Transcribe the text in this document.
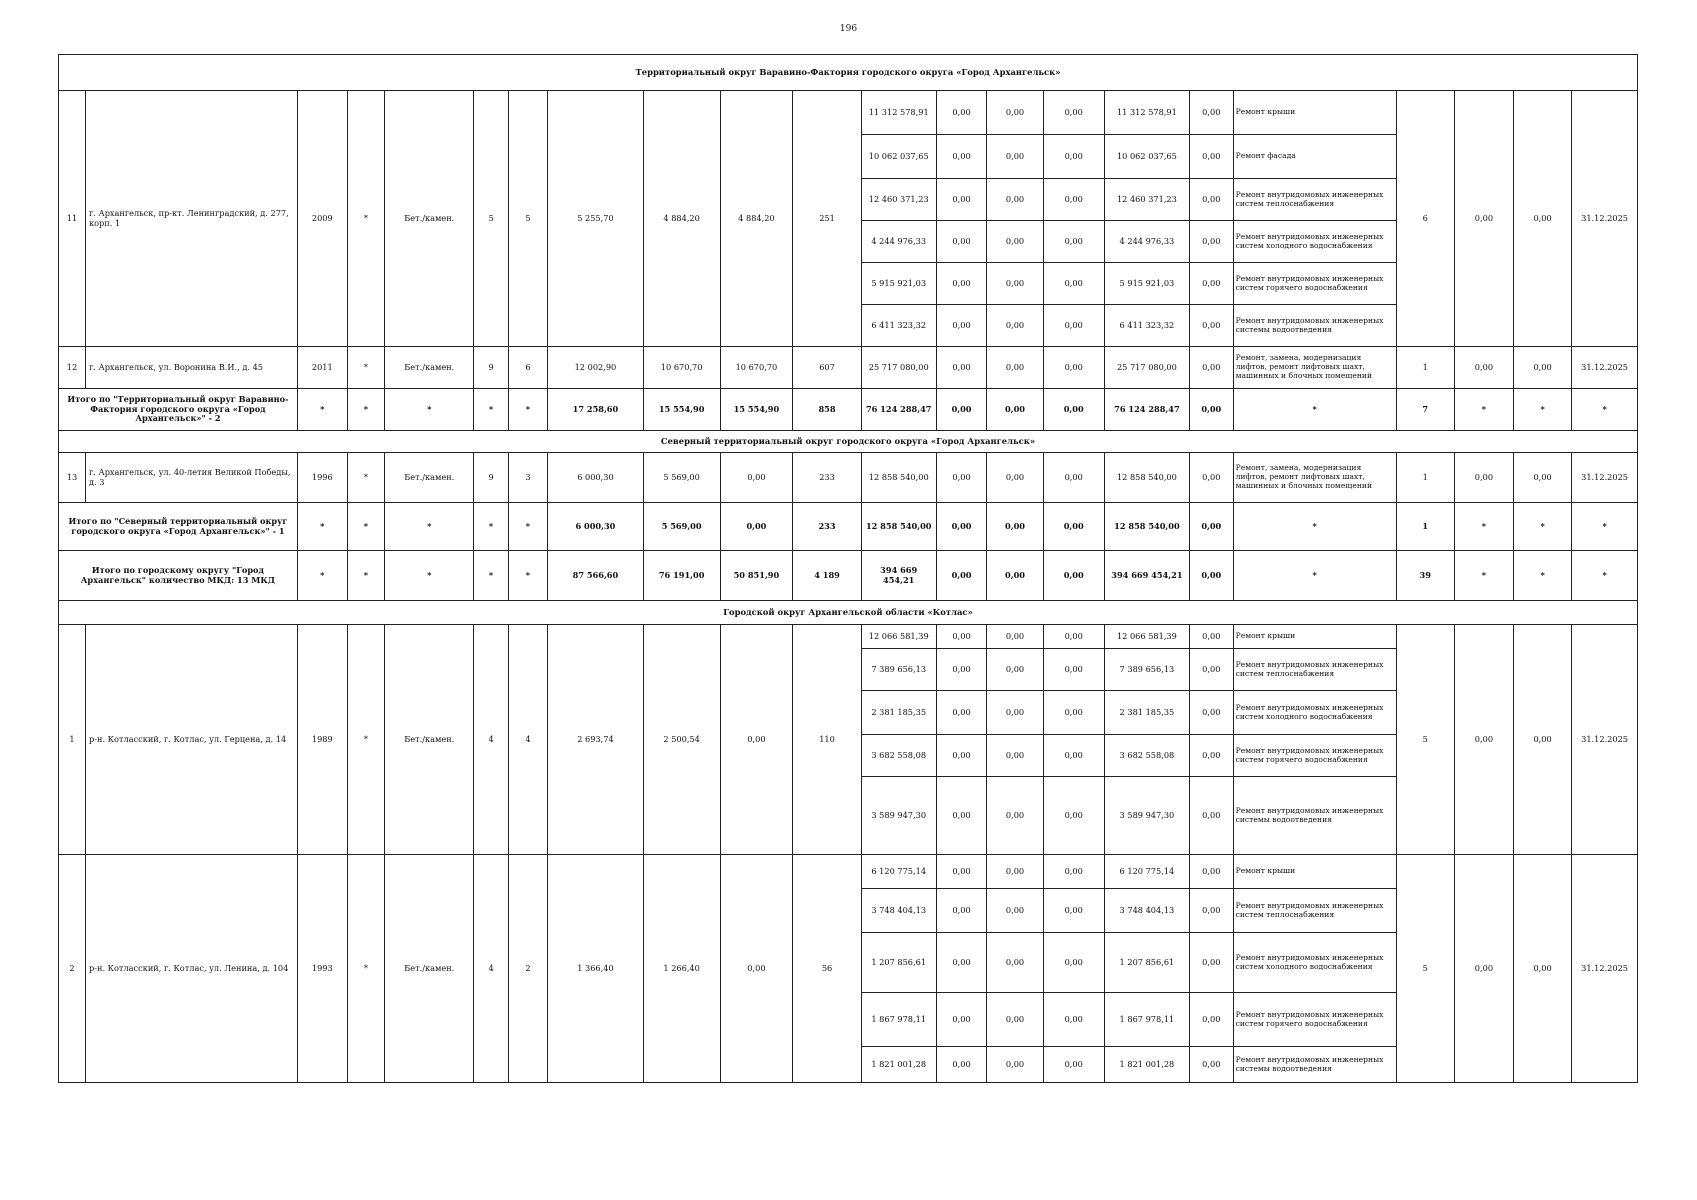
196
Территориальный округ Варавино-Фактория городского округа «Город Архангельск»																					
11	г. Архангельск, пр-кт. Ленинградский, д. 277, корп. 1	2009	*	Бет./камен.	5	5	5 255,70	4 884,20	4 884,20	251	11 312 578,91	0,00	0,00	0,00	11 312 578,91	0,00	Ремонт крыши	6	0,00	0,00	31.12.2025
											10 062 037,65	0,00	0,00	0,00	10 062 037,65	0,00	Ремонт фасада				
											12 460 371,23	0,00	0,00	0,00	12 460 371,23	0,00	Ремонт внутридомовых инженерных систем теплоснабжения				
											4 244 976,33	0,00	0,00	0,00	4 244 976,33	0,00	Ремонт внутридомовых инженерных систем холодного водоснабжения				
											5 915 921,03	0,00	0,00	0,00	5 915 921,03	0,00	Ремонт внутридомовых инженерных систем горячего водоснабжения				
											6 411 323,32	0,00	0,00	0,00	6 411 323,32	0,00	Ремонт внутридомовых инженерных системы водоотведения				
12	г. Архангельск, ул. Воронина В.И., д. 45	2011	*	Бет./камен.	9	6	12 002,90	10 670,70	10 670,70	607	25 717 080,00	0,00	0,00	0,00	25 717 080,00	0,00	Ремонт, замена, модернизация лифтов, ремонт лифтовых шахт, машинных и блочных помещений	1	0,00	0,00	31.12.2025
Итого по "Территориальный округ Варавино-Фактория городского округа «Город Архангельск»" - 2		*	*	*	*	*	17 258,60	15 554,90	15 554,90	858	76 124 288,47	0,00	0,00	0,00	76 124 288,47	0,00	*	7	*	*	*
Северный территориальный округ городского округа «Город Архангельск»																					
13	г. Архангельск, ул. 40-летия Великой Победы, д. 3	1996	*	Бет./камен.	9	3	6 000,30	5 569,00	0,00	233	12 858 540,00	0,00	0,00	0,00	12 858 540,00	0,00	Ремонт, замена, модернизация лифтов, ремонт лифтовых шахт, машинных и блочных помещений	1	0,00	0,00	31.12.2025
Итого по "Северный территориальный округ городского округа «Город Архангельск»" - 1		*	*	*	*	*	6 000,30	5 569,00	0,00	233	12 858 540,00	0,00	0,00	0,00	12 858 540,00	0,00	*	1	*	*	*
Итого по городскому округу "Город Архангельск" количество МКД: 13 МКД		*	*	*	*	*	87 566,60	76 191,00	50 851,90	4 189	394 669 454,21	0,00	0,00	0,00	394 669 454,21	0,00	*	39	*	*	*
Городской округ Архангельской области «Котлас»																					
1	р-н. Котласский, г. Котлас, ул. Герцена, д. 14	1989	*	Бет./камен.	4	4	2 693,74	2 500,54	0,00	110	12 066 581,39	0,00	0,00	0,00	12 066 581,39	0,00	Ремонт крыши	5	0,00	0,00	31.12.2025
											7 389 656,13	0,00	0,00	0,00	7 389 656,13	0,00	Ремонт внутридомовых инженерных систем теплоснабжения				
											2 381 185,35	0,00	0,00	0,00	2 381 185,35	0,00	Ремонт внутридомовых инженерных систем холодного водоснабжения				
											3 682 558,08	0,00	0,00	0,00	3 682 558,08	0,00	Ремонт внутридомовых инженерных систем горячего водоснабжения				
											3 589 947,30	0,00	0,00	0,00	3 589 947,30	0,00	Ремонт внутридомовых инженерных системы водоотведения				
2	р-н. Котласский, г. Котлас, ул. Ленина, д. 104	1993	*	Бет./камен.	4	2	1 366,40	1 266,40	0,00	56	6 120 775,14	0,00	0,00	0,00	6 120 775,14	0,00	Ремонт крыши	5	0,00	0,00	31.12.2025
											3 748 404,13	0,00	0,00	0,00	3 748 404,13	0,00	Ремонт внутридомовых инженерных систем теплоснабжения				
											1 207 856,61	0,00	0,00	0,00	1 207 856,61	0,00	Ремонт внутридомовых инженерных систем холодного водоснабжения				
											1 867 978,11	0,00	0,00	0,00	1 867 978,11	0,00	Ремонт внутридомовых инженерных систем горячего водоснабжения				
											1 821 001,28	0,00	0,00	0,00	1 821 001,28	0,00	Ремонт внутридомовых инженерных системы водоотведения				
